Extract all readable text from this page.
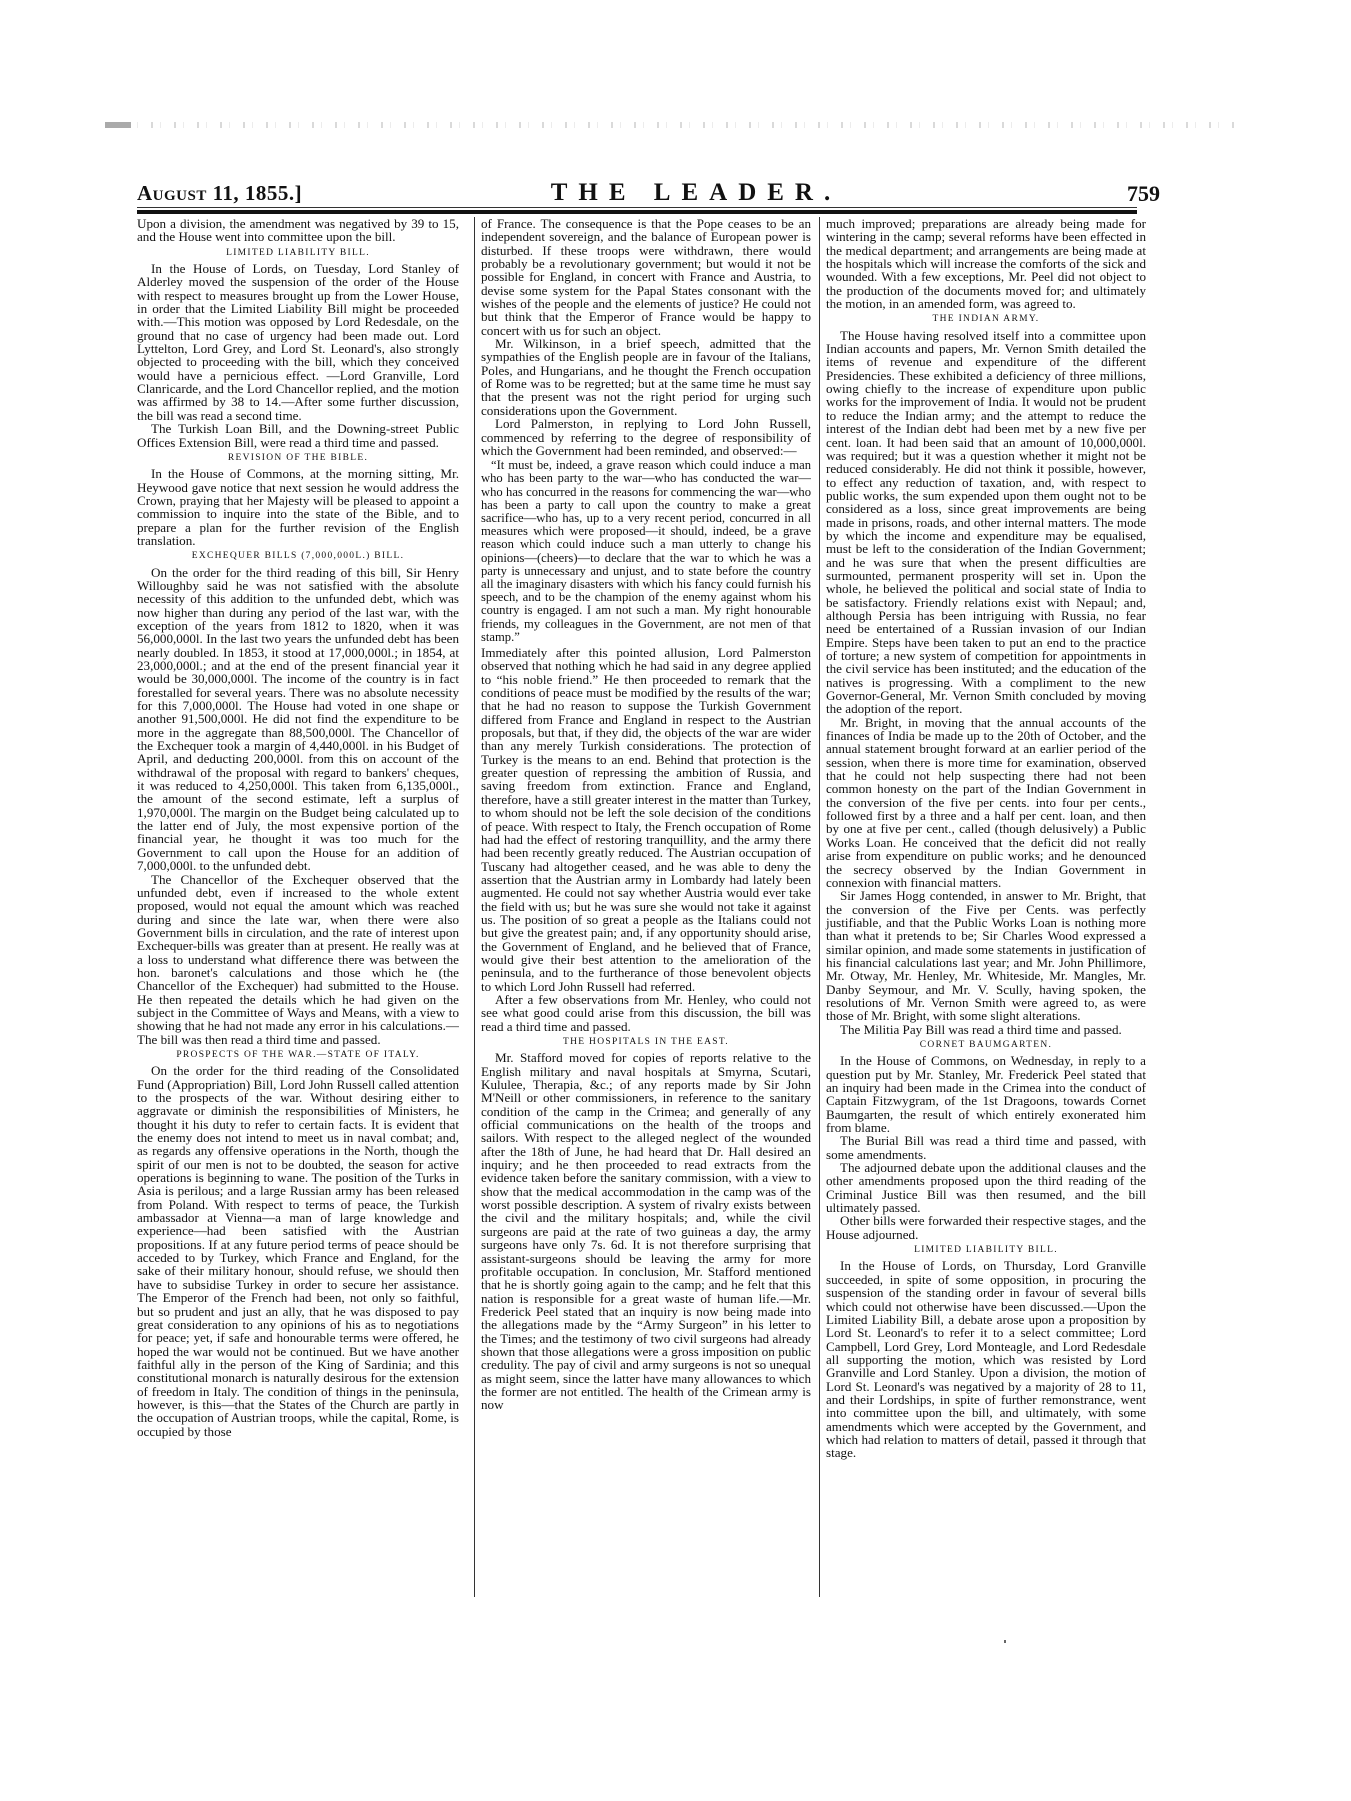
August 11, 1855.]	THE LEADER.	759

Upon a division, the amendment was negatived by 39 to 15, and the House went into committee upon the bill.

LIMITED LIABILITY BILL.

In the House of Lords, on Tuesday, Lord Stanley of Alderley moved the suspension of the order of the House with respect to measures brought up from the Lower House, in order that the Limited Liability Bill might be proceeded with.—This motion was opposed by Lord Redesdale, on the ground that no case of urgency had been made out. Lord Lyttelton, Lord Grey, and Lord St. Leonard's, also strongly objected to proceeding with the bill, which they conceived would have a pernicious effect. —Lord Granville, Lord Clanricarde, and the Lord Chancellor replied, and the motion was affirmed by 38 to 14.—After some further discussion, the bill was read a second time.

The Turkish Loan Bill, and the Downing-street Public Offices Extension Bill, were read a third time and passed.

REVISION OF THE BIBLE.

In the House of Commons, at the morning sitting, Mr. Heywood gave notice that next session he would address the Crown, praying that her Majesty will be pleased to appoint a commission to inquire into the state of the Bible, and to prepare a plan for the further revision of the English translation.

EXCHEQUER BILLS (7,000,000L.) BILL.

On the order for the third reading of this bill, Sir Henry Willoughby said he was not satisfied with the absolute necessity of this addition to the unfunded debt, which was now higher than during any period of the last war, with the exception of the years from 1812 to 1820, when it was 56,000,000l. In the last two years the unfunded debt has been nearly doubled. In 1853, it stood at 17,000,000l.; in 1854, at 23,000,000l.; and at the end of the present financial year it would be 30,000,000l. The income of the country is in fact forestalled for several years. There was no absolute necessity for this 7,000,000l. The House had voted in one shape or another 91,500,000l. He did not find the expenditure to be more in the aggregate than 88,500,000l. The Chancellor of the Exchequer took a margin of 4,440,000l. in his Budget of April, and deducting 200,000l. from this on account of the withdrawal of the proposal with regard to bankers' cheques, it was reduced to 4,250,000l. This taken from 6,135,000l., the amount of the second estimate, left a surplus of 1,970,000l. The margin on the Budget being calculated up to the latter end of July, the most expensive portion of the financial year, he thought it was too much for the Government to call upon the House for an addition of 7,000,000l. to the unfunded debt.

The Chancellor of the Exchequer observed that the unfunded debt, even if increased to the whole extent proposed, would not equal the amount which was reached during and since the late war, when there were also Government bills in circulation, and the rate of interest upon Exchequer-bills was greater than at present. He really was at a loss to understand what difference there was between the hon. baronet's calculations and those which he (the Chancellor of the Exchequer) had submitted to the House. He then repeated the details which he had given on the subject in the Committee of Ways and Means, with a view to showing that he had not made any error in his calculations.—The bill was then read a third time and passed.

PROSPECTS OF THE WAR.—STATE OF ITALY.

On the order for the third reading of the Consolidated Fund (Appropriation) Bill, Lord John Russell called attention to the prospects of the war. Without desiring either to aggravate or diminish the responsibilities of Ministers, he thought it his duty to refer to certain facts. It is evident that the enemy does not intend to meet us in naval combat; and, as regards any offensive operations in the North, though the spirit of our men is not to be doubted, the season for active operations is beginning to wane. The position of the Turks in Asia is perilous; and a large Russian army has been released from Poland. With respect to terms of peace, the Turkish ambassador at Vienna—a man of large knowledge and experience—had been satisfied with the Austrian propositions. If at any future period terms of peace should be acceded to by Turkey, which France and England, for the sake of their military honour, should refuse, we should then have to subsidise Turkey in order to secure her assistance. The Emperor of the French had been, not only so faithful, but so prudent and just an ally, that he was disposed to pay great consideration to any opinions of his as to negotiations for peace; yet, if safe and honourable terms were offered, he hoped the war would not be continued. But we have another faithful ally in the person of the King of Sardinia; and this constitutional monarch is naturally desirous for the extension of freedom in Italy. The condition of things in the peninsula, however, is this—that the States of the Church are partly in the occupation of Austrian troops, while the capital, Rome, is occupied by those

of France. The consequence is that the Pope ceases to be an independent sovereign, and the balance of European power is disturbed. If these troops were withdrawn, there would probably be a revolutionary government; but would it not be possible for England, in concert with France and Austria, to devise some system for the Papal States consonant with the wishes of the people and the elements of justice? He could not but think that the Emperor of France would be happy to concert with us for such an object.

Mr. Wilkinson, in a brief speech, admitted that the sympathies of the English people are in favour of the Italians, Poles, and Hungarians, and he thought the French occupation of Rome was to be regretted; but at the same time he must say that the present was not the right period for urging such considerations upon the Government.

Lord Palmerston, in replying to Lord John Russell, commenced by referring to the degree of responsibility of which the Government had been reminded, and observed:—

“It must be, indeed, a grave reason which could induce a man who has been party to the war—who has conducted the war—who has concurred in the reasons for commencing the war—who has been a party to call upon the country to make a great sacrifice—who has, up to a very recent period, concurred in all measures which were proposed—it should, indeed, be a grave reason which could induce such a man utterly to change his opinions—(cheers)—to declare that the war to which he was a party is unnecessary and unjust, and to state before the country all the imaginary disasters with which his fancy could furnish his speech, and to be the champion of the enemy against whom his country is engaged. I am not such a man. My right honourable friends, my colleagues in the Government, are not men of that stamp.”

Immediately after this pointed allusion, Lord Palmerston observed that nothing which he had said in any degree applied to “his noble friend.” He then proceeded to remark that the conditions of peace must be modified by the results of the war; that he had no reason to suppose the Turkish Government differed from France and England in respect to the Austrian proposals, but that, if they did, the objects of the war are wider than any merely Turkish considerations. The protection of Turkey is the means to an end. Behind that protection is the greater question of repressing the ambition of Russia, and saving freedom from extinction. France and England, therefore, have a still greater interest in the matter than Turkey, to whom should not be left the sole decision of the conditions of peace. With respect to Italy, the French occupation of Rome had had the effect of restoring tranquillity, and the army there had been recently greatly reduced. The Austrian occupation of Tuscany had altogether ceased, and he was able to deny the assertion that the Austrian army in Lombardy had lately been augmented. He could not say whether Austria would ever take the field with us; but he was sure she would not take it against us. The position of so great a people as the Italians could not but give the greatest pain; and, if any opportunity should arise, the Government of England, and he believed that of France, would give their best attention to the amelioration of the peninsula, and to the furtherance of those benevolent objects to which Lord John Russell had referred.

After a few observations from Mr. Henley, who could not see what good could arise from this discussion, the bill was read a third time and passed.

THE HOSPITALS IN THE EAST.

Mr. Stafford moved for copies of reports relative to the English military and naval hospitals at Smyrna, Scutari, Kululee, Therapia, &c.; of any reports made by Sir John M'Neill or other commissioners, in reference to the sanitary condition of the camp in the Crimea; and generally of any official communications on the health of the troops and sailors. With respect to the alleged neglect of the wounded after the 18th of June, he had heard that Dr. Hall desired an inquiry; and he then proceeded to read extracts from the evidence taken before the sanitary commission, with a view to show that the medical accommodation in the camp was of the worst possible description. A system of rivalry exists between the civil and the military hospitals; and, while the civil surgeons are paid at the rate of two guineas a day, the army surgeons have only 7s. 6d. It is not therefore surprising that assistant-surgeons should be leaving the army for more profitable occupation. In conclusion, Mr. Stafford mentioned that he is shortly going again to the camp; and he felt that this nation is responsible for a great waste of human life.—Mr. Frederick Peel stated that an inquiry is now being made into the allegations made by the “Army Surgeon” in his letter to the Times; and the testimony of two civil surgeons had already shown that those allegations were a gross imposition on public credulity. The pay of civil and army surgeons is not so unequal as might seem, since the latter have many allowances to which the former are not entitled. The health of the Crimean army is now

much improved; preparations are already being made for wintering in the camp; several reforms have been effected in the medical department; and arrangements are being made at the hospitals which will increase the comforts of the sick and wounded. With a few exceptions, Mr. Peel did not object to the production of the documents moved for; and ultimately the motion, in an amended form, was agreed to.

THE INDIAN ARMY.

The House having resolved itself into a committee upon Indian accounts and papers, Mr. Vernon Smith detailed the items of revenue and expenditure of the different Presidencies. These exhibited a deficiency of three millions, owing chiefly to the increase of expenditure upon public works for the improvement of India. It would not be prudent to reduce the Indian army; and the attempt to reduce the interest of the Indian debt had been met by a new five per cent. loan. It had been said that an amount of 10,000,000l. was required; but it was a question whether it might not be reduced considerably. He did not think it possible, however, to effect any reduction of taxation, and, with respect to public works, the sum expended upon them ought not to be considered as a loss, since great improvements are being made in prisons, roads, and other internal matters. The mode by which the income and expenditure may be equalised, must be left to the consideration of the Indian Government; and he was sure that when the present difficulties are surmounted, permanent prosperity will set in. Upon the whole, he believed the political and social state of India to be satisfactory. Friendly relations exist with Nepaul; and, although Persia has been intriguing with Russia, no fear need be entertained of a Russian invasion of our Indian Empire. Steps have been taken to put an end to the practice of torture; a new system of competition for appointments in the civil service has been instituted; and the education of the natives is progressing. With a compliment to the new Governor-General, Mr. Vernon Smith concluded by moving the adoption of the report.

Mr. Bright, in moving that the annual accounts of the finances of India be made up to the 20th of October, and the annual statement brought forward at an earlier period of the session, when there is more time for examination, observed that he could not help suspecting there had not been common honesty on the part of the Indian Government in the conversion of the five per cents. into four per cents., followed first by a three and a half per cent. loan, and then by one at five per cent., called (though delusively) a Public Works Loan. He conceived that the deficit did not really arise from expenditure on public works; and he denounced the secrecy observed by the Indian Government in connexion with financial matters.

Sir James Hogg contended, in answer to Mr. Bright, that the conversion of the Five per Cents. was perfectly justifiable, and that the Public Works Loan is nothing more than what it pretends to be; Sir Charles Wood expressed a similar opinion, and made some statements in justification of his financial calculations last year; and Mr. John Phillimore, Mr. Otway, Mr. Henley, Mr. Whiteside, Mr. Mangles, Mr. Danby Seymour, and Mr. V. Scully, having spoken, the resolutions of Mr. Vernon Smith were agreed to, as were those of Mr. Bright, with some slight alterations.

The Militia Pay Bill was read a third time and passed.

CORNET BAUMGARTEN.

In the House of Commons, on Wednesday, in reply to a question put by Mr. Stanley, Mr. Frederick Peel stated that an inquiry had been made in the Crimea into the conduct of Captain Fitzwygram, of the 1st Dragoons, towards Cornet Baumgarten, the result of which entirely exonerated him from blame.

The Burial Bill was read a third time and passed, with some amendments.

The adjourned debate upon the additional clauses and the other amendments proposed upon the third reading of the Criminal Justice Bill was then resumed, and the bill ultimately passed.

Other bills were forwarded their respective stages, and the House adjourned.

LIMITED LIABILITY BILL.

In the House of Lords, on Thursday, Lord Granville succeeded, in spite of some opposition, in procuring the suspension of the standing order in favour of several bills which could not otherwise have been discussed.—Upon the Limited Liability Bill, a debate arose upon a proposition by Lord St. Leonard's to refer it to a select committee; Lord Campbell, Lord Grey, Lord Monteagle, and Lord Redesdale all supporting the motion, which was resisted by Lord Granville and Lord Stanley. Upon a division, the motion of Lord St. Leonard's was negatived by a majority of 28 to 11, and their Lordships, in spite of further remonstrance, went into committee upon the bill, and ultimately, with some amendments which were accepted by the Government, and which had relation to matters of detail, passed it through that stage.
